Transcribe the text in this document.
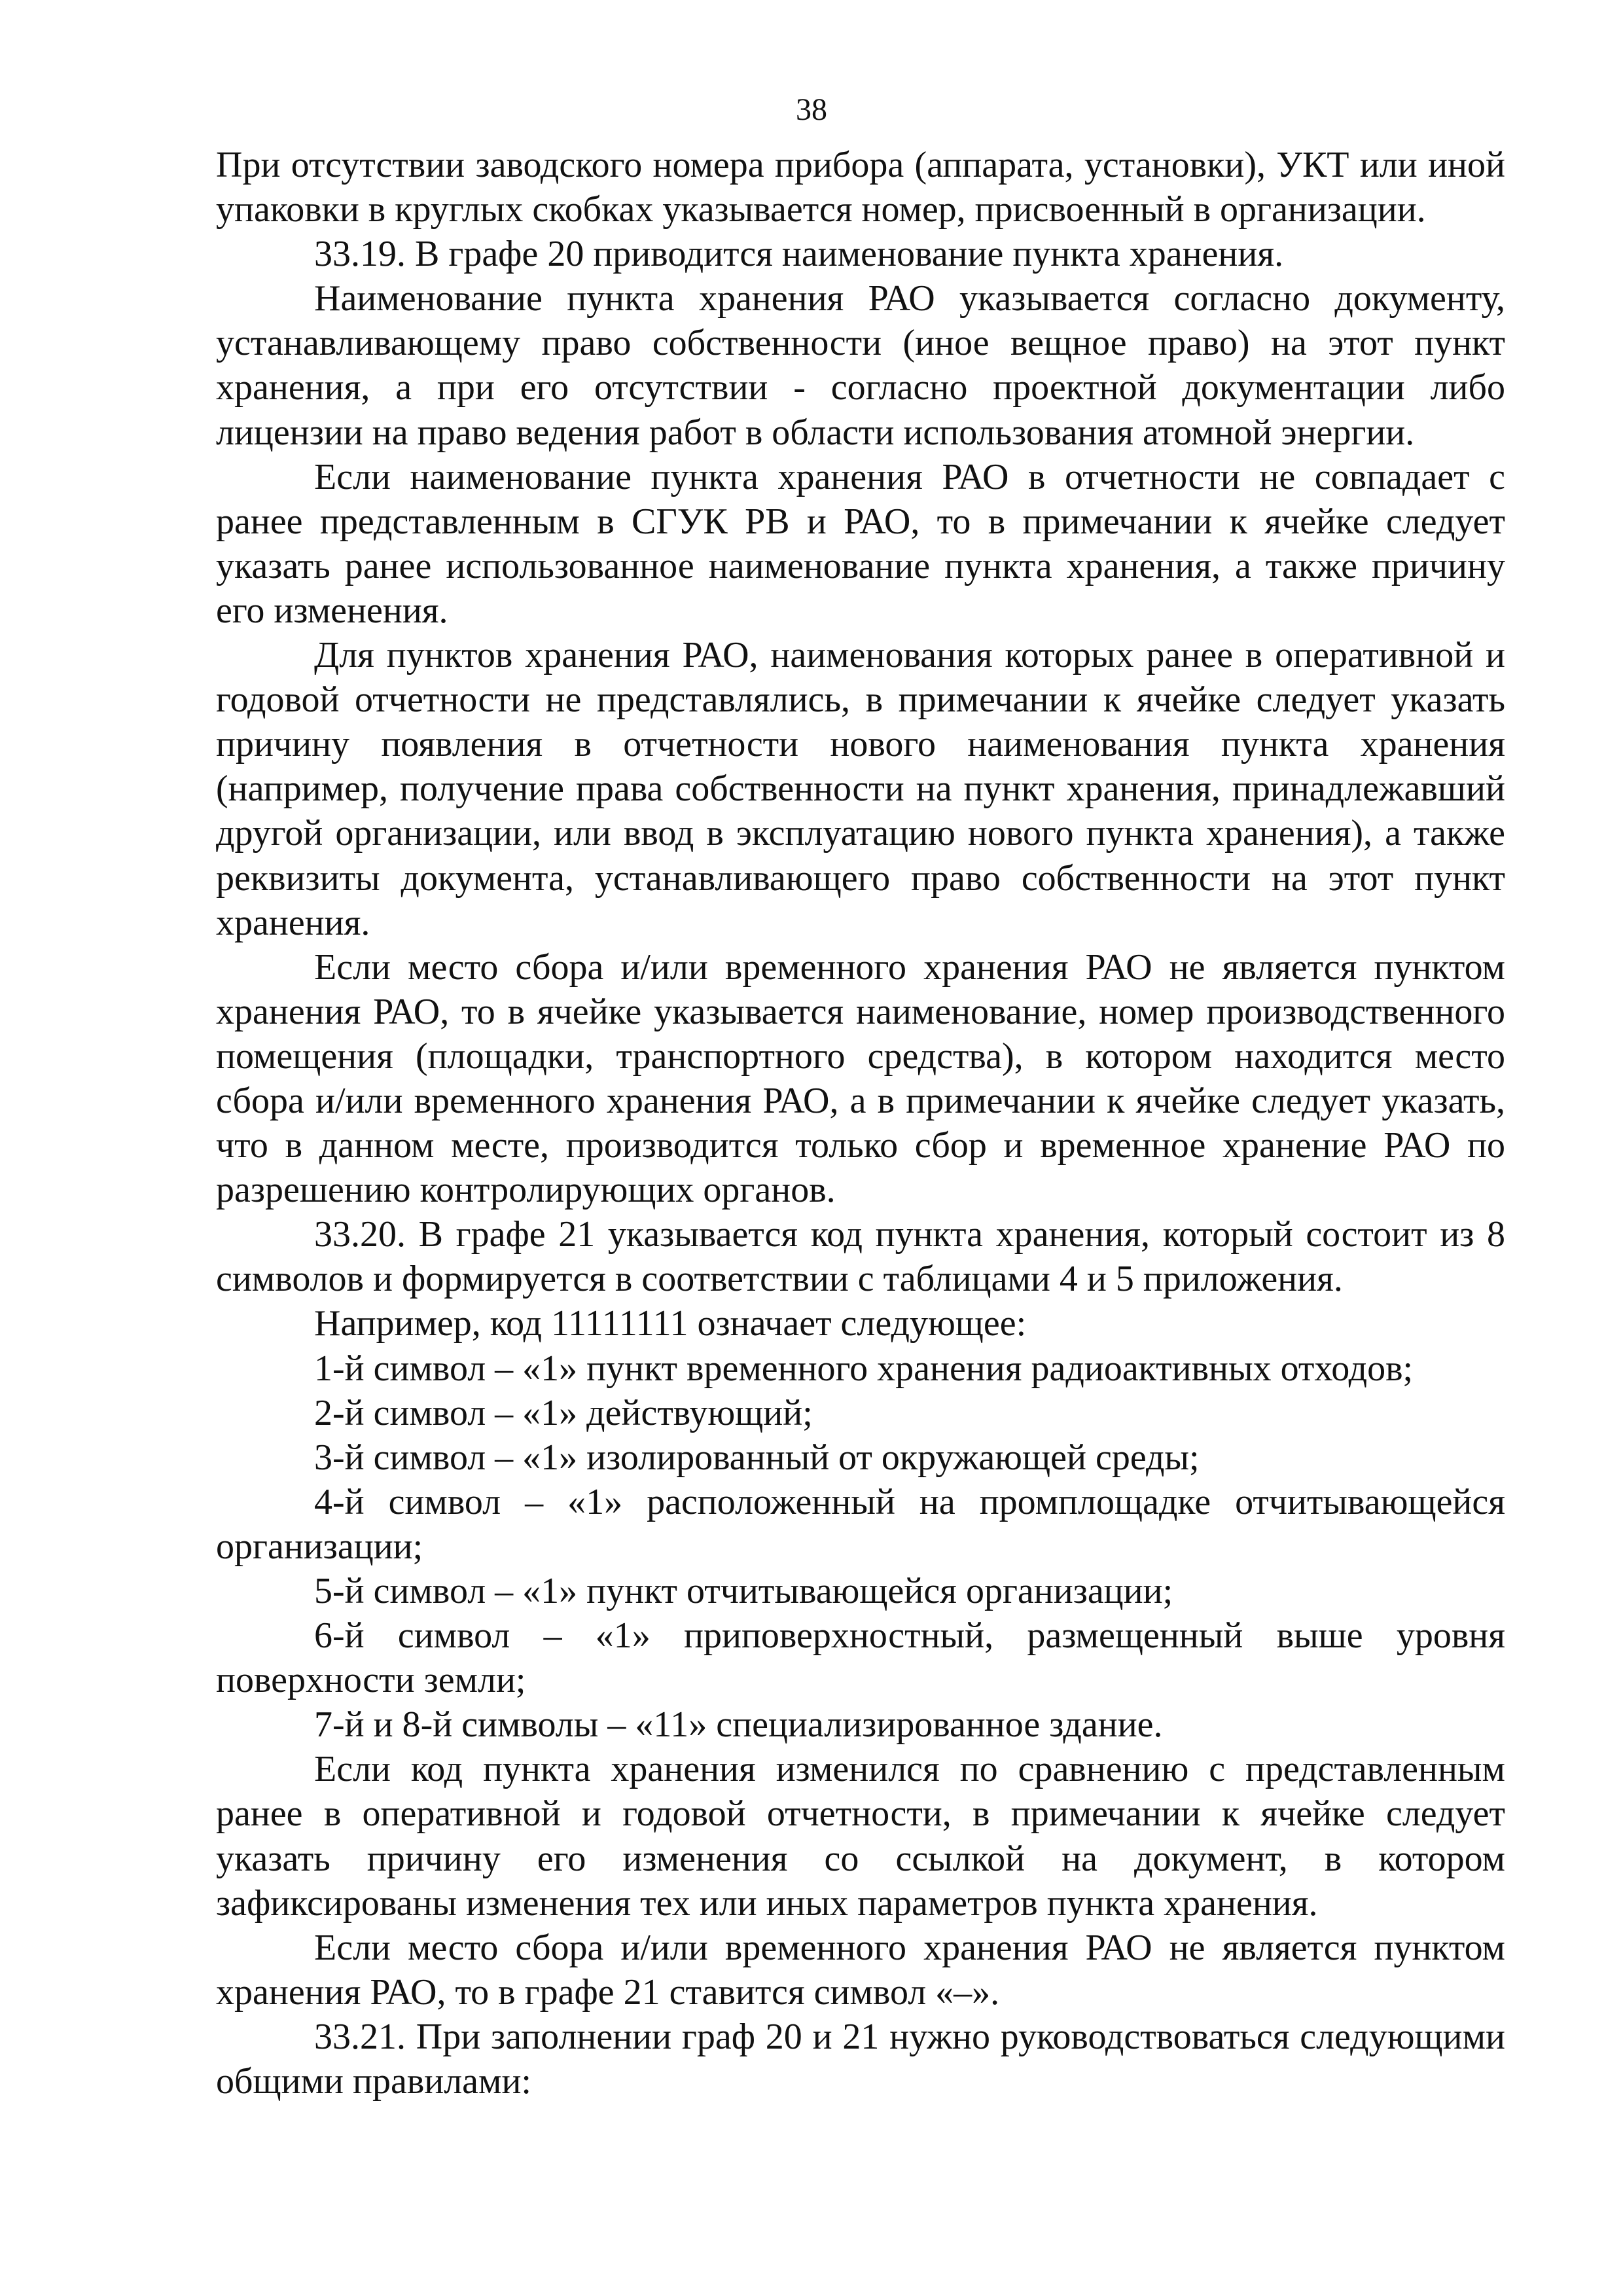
38

При отсутствии заводского номера прибора (аппарата, установки), УКТ или иной упаковки в круглых скобках указывается номер, присвоенный в организации.

33.19. В графе 20 приводится наименование пункта хранения.

Наименование пункта хранения РАО указывается согласно документу, устанавливающему право собственности (иное вещное право) на этот пункт хранения, а при его отсутствии - согласно проектной документации либо лицензии на право ведения работ в области использования атомной энергии.

Если наименование пункта хранения РАО в отчетности не совпадает с ранее представленным в СГУК РВ и РАО, то в примечании к ячейке следует указать ранее использованное наименование пункта хранения, а также причину его изменения.

Для пунктов хранения РАО, наименования которых ранее в оперативной и годовой отчетности не представлялись, в примечании к ячейке следует указать причину появления в отчетности нового наименования пункта хранения (например, получение права собственности на пункт хранения, принадлежавший другой организации, или ввод в эксплуатацию нового пункта хранения), а также реквизиты документа, устанавливающего право собственности на этот пункт хранения.

Если место сбора и/или временного хранения РАО не является пунктом хранения РАО, то в ячейке указывается наименование, номер производственного помещения (площадки, транспортного средства), в котором находится место сбора и/или временного хранения РАО, а в примечании к ячейке следует указать, что в данном месте, производится только сбор и временное хранение РАО по разрешению контролирующих органов.

33.20. В графе 21 указывается код пункта хранения, который состоит из 8 символов и формируется в соответствии с таблицами 4 и 5 приложения.

Например, код 11111111 означает следующее:

1-й символ – «1» пункт временного хранения радиоактивных отходов;

2-й символ – «1» действующий;

3-й символ – «1» изолированный от окружающей среды;

4-й символ – «1» расположенный на промплощадке отчитывающейся организации;

5-й символ – «1» пункт отчитывающейся организации;

6-й символ – «1» приповерхностный, размещенный выше уровня поверхности земли;

7-й и 8-й символы – «11» специализированное здание.

Если код пункта хранения изменился по сравнению с представленным ранее в оперативной и годовой отчетности, в примечании к ячейке следует указать причину его изменения со ссылкой на документ, в котором зафиксированы изменения тех или иных параметров пункта хранения.

Если место сбора и/или временного хранения РАО не является пунктом хранения РАО, то в графе 21 ставится символ «–».

33.21. При заполнении граф 20 и 21 нужно руководствоваться следующими общими правилами:
